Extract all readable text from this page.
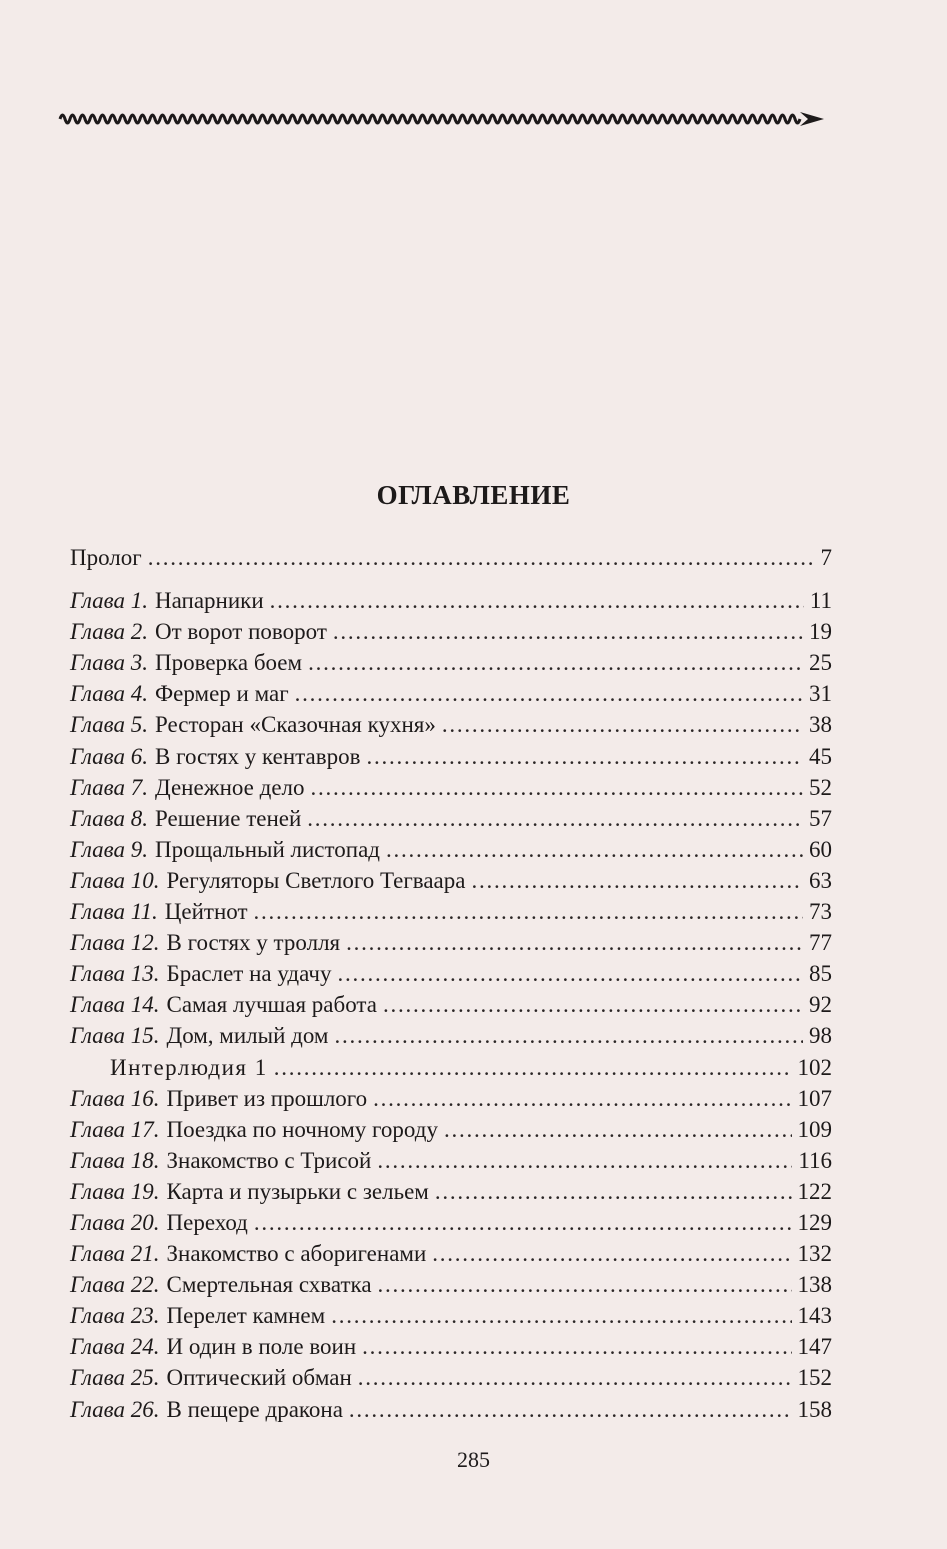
ОГЛАВЛЕНИЕ
Пролог . . .	7
Глава 1. Напарники . . .	11
Глава 2. От ворот поворот . . .	19
Глава 3. Проверка боем . . .	25
Глава 4. Фермер и маг . . .	31
Глава 5. Ресторан «Сказочная кухня» . . .	38
Глава 6. В гостях у кентавров . . .	45
Глава 7. Денежное дело . . .	52
Глава 8. Решение теней . . .	57
Глава 9. Прощальный листопад . . .	60
Глава 10. Регуляторы Светлого Тегваара . . .	63
Глава 11. Цейтнот . . .	73
Глава 12. В гостях у тролля . . .	77
Глава 13. Браслет на удачу . . .	85
Глава 14. Самая лучшая работа . . .	92
Глава 15. Дом, милый дом . . .	98
Интерлюдия 1 . . .	102
Глава 16. Привет из прошлого . . .	107
Глава 17. Поездка по ночному городу . . .	109
Глава 18. Знакомство с Трисой . . .	116
Глава 19. Карта и пузырьки с зельем . . .	122
Глава 20. Переход . . .	129
Глава 21. Знакомство с аборигенами . . .	132
Глава 22. Смертельная схватка . . .	138
Глава 23. Перелет камнем . . .	143
Глава 24. И один в поле воин . . .	147
Глава 25. Оптический обман . . .	152
Глава 26. В пещере дракона . . .	158
285
